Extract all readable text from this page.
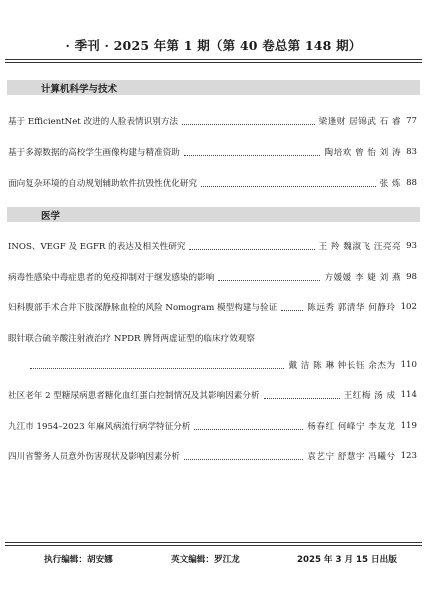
· 季刊 · 2025 年第 1 期（第 40 卷总第 148 期）
计算机科学与技术
基于 EfficientNet 改进的人脸表情识别方法	梁逢财 居锦武 石 睿 77
基于多源数据的高校学生画像构建与精准资助	陶培欢 曾 怡 刘 涛 83
面向复杂环境的自动规划辅助软件抗毁性优化研究	张 炼 88
医学
INOS、VEGF 及 EGFR 的表达及相关性研究	王 羚 魏淑飞 汪亮亮 93
病毒性感染中毒症患者的免疫抑制对于继发感染的影响	方媛媛 李 婕 刘 燕 98
妇科腹部手术合并下肢深静脉血栓的风险 Nomogram 模型构建与验证	陈远秀 郭清华 何静玲 102
眼针联合硫辛酸注射液治疗 NPDR 脾肾两虚证型的临床疗效观察
戴 洁 陈 琳 钟长钰 余杰为 110
社区老年 2 型糖尿病患者糖化血红蛋白控制情况及其影响因素分析	王红梅 汤 成 114
九江市 1954–2023 年麻风病流行病学特征分析	杨春红 何峰宁 李友龙 119
四川省警务人员意外伤害现状及影响因素分析	袁艺宁 舒慧宇 冯曦兮 123
执行编辑：胡安娜	英文编辑：罗江龙	2025 年 3 月 15 日出版
